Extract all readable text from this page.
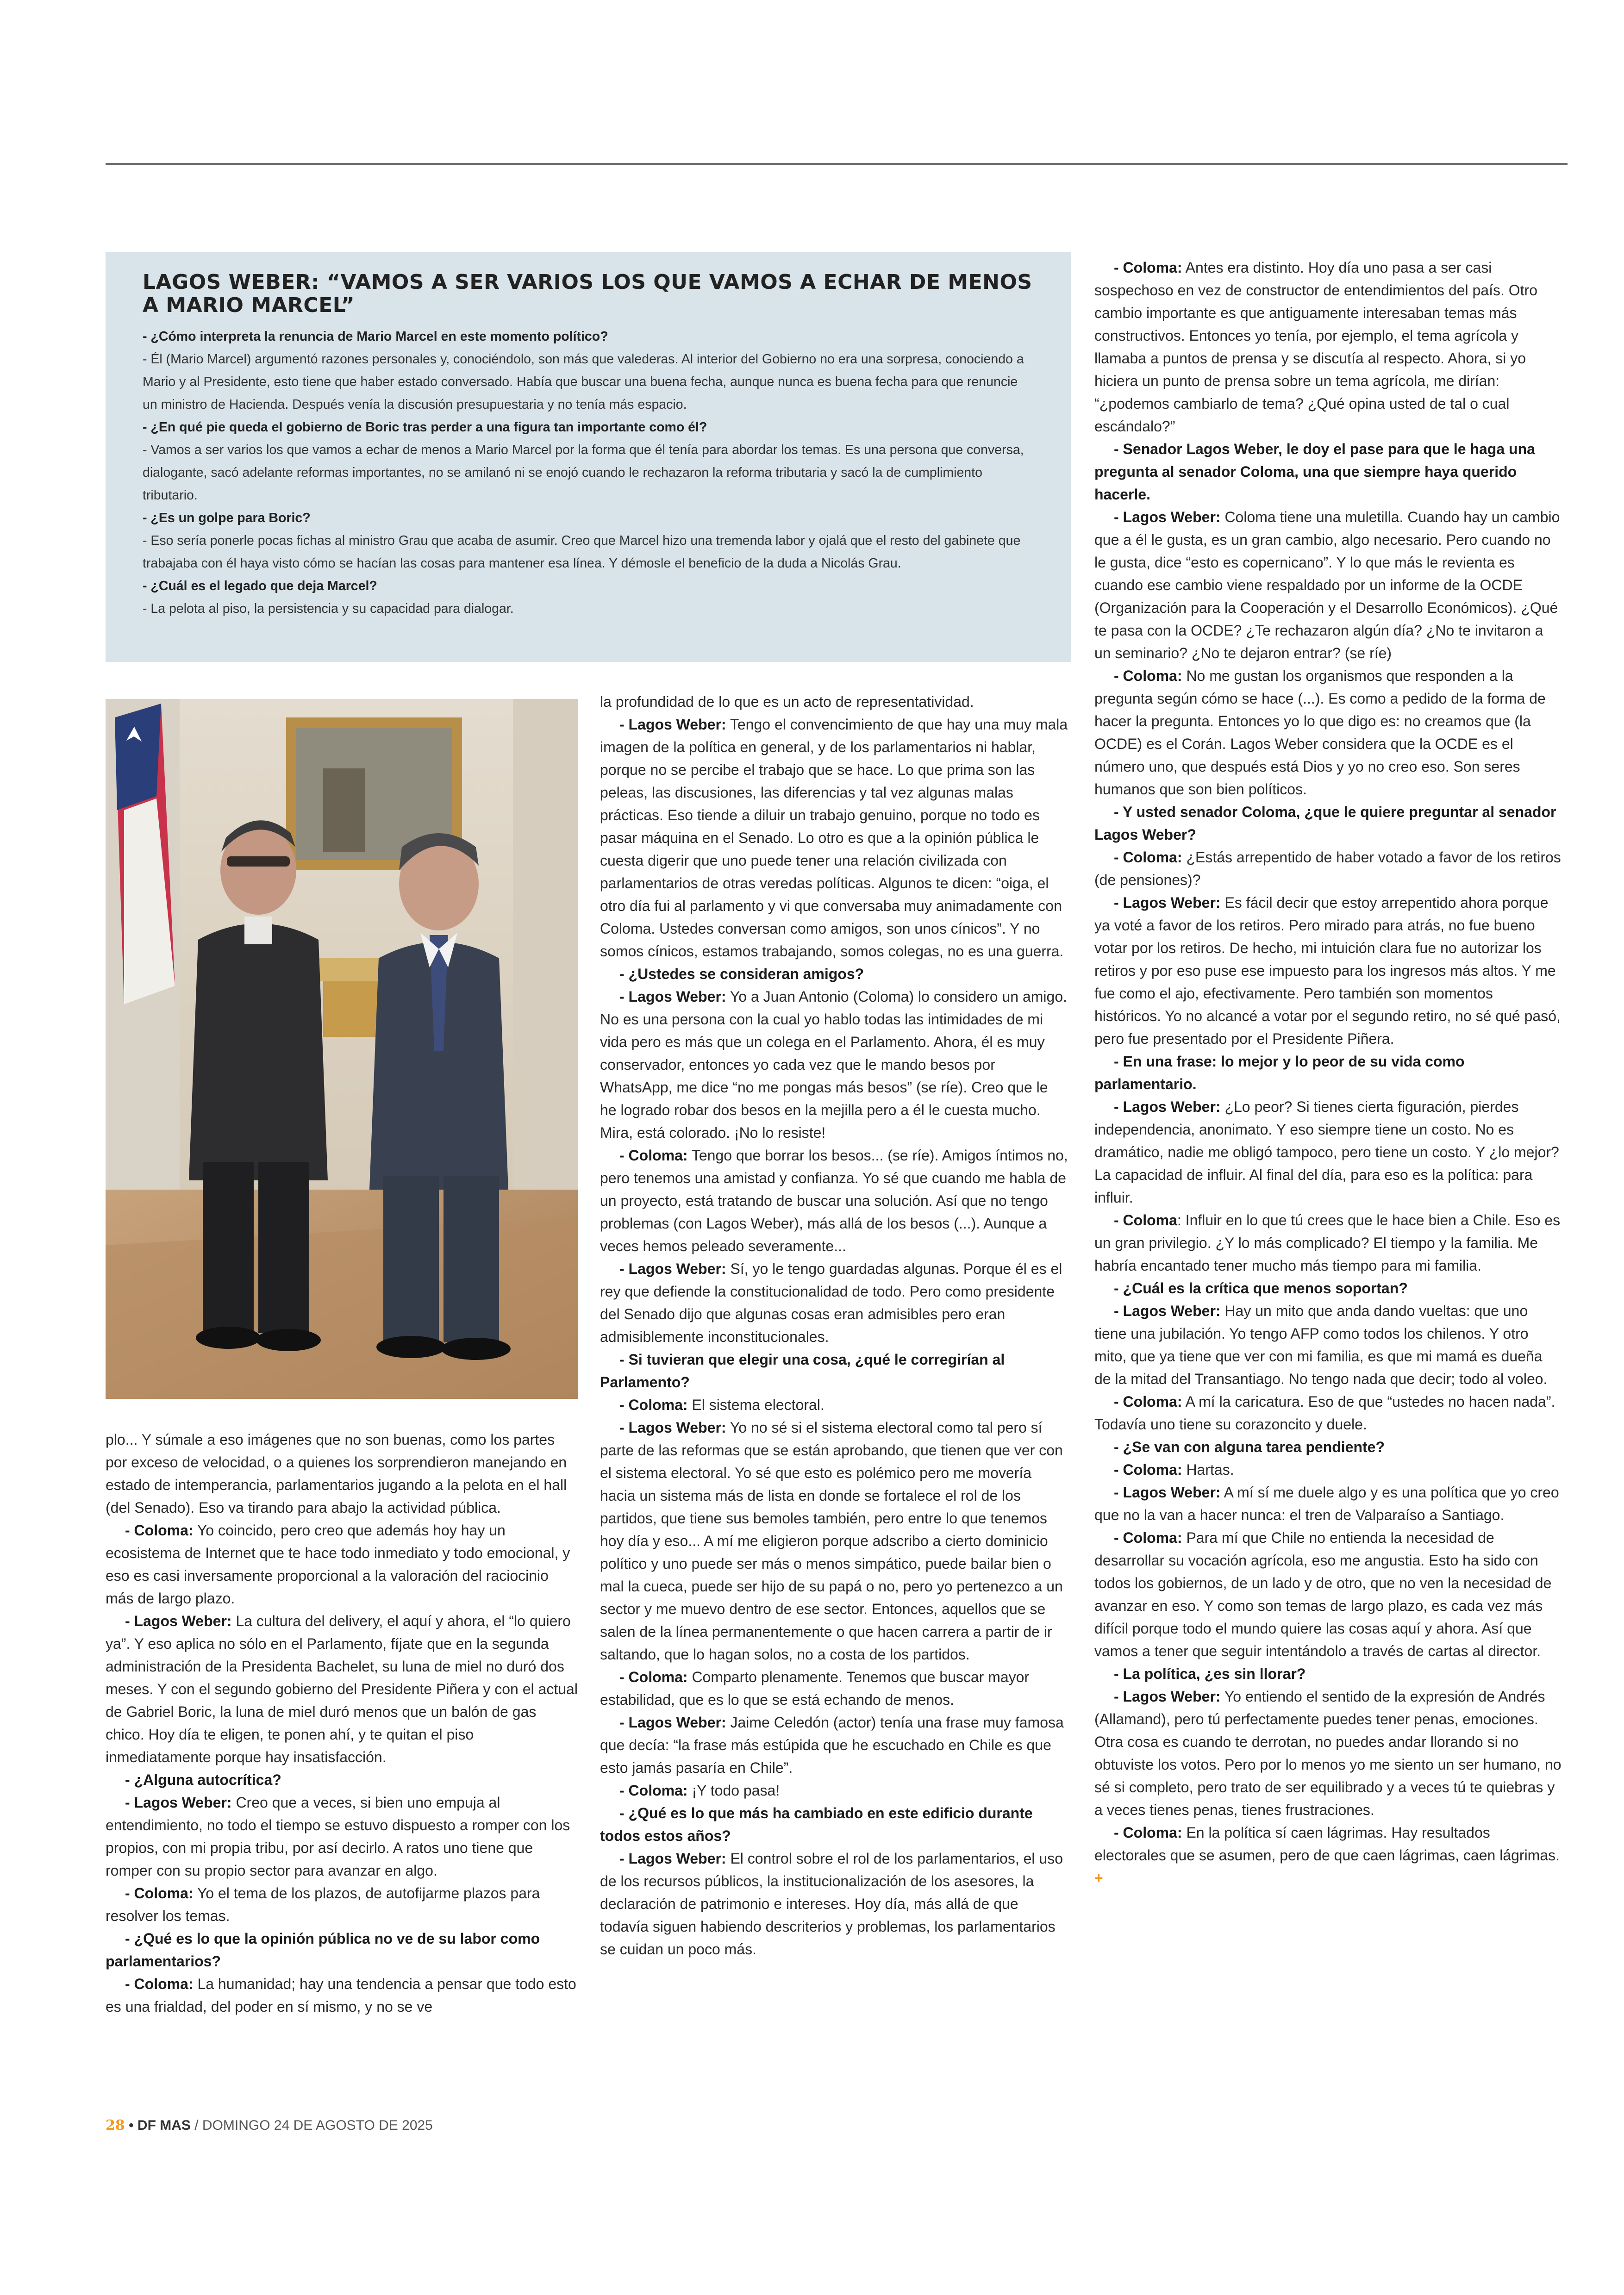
LAGOS WEBER: “VAMOS A SER VARIOS LOS QUE VAMOS A ECHAR DE MENOS A MARIO MARCEL”

- ¿Cómo interpreta la renuncia de Mario Marcel en este momento político?

- Él (Mario Marcel) argumentó razones personales y, conociéndolo, son más que valederas. Al interior del Gobierno no era una sorpresa, conociendo a Mario y al Presidente, esto tiene que haber estado conversado. Había que buscar una buena fecha, aunque nunca es buena fecha para que renuncie un ministro de Hacienda. Después venía la discusión presupuestaria y no tenía más espacio.

- ¿En qué pie queda el gobierno de Boric tras perder a una figura tan importante como él?

- Vamos a ser varios los que vamos a echar de menos a Mario Marcel por la forma que él tenía para abordar los temas. Es una persona que conversa, dialogante, sacó adelante reformas importantes, no se amilanó ni se enojó cuando le rechazaron la reforma tributaria y sacó la de cumplimiento tributario.

- ¿Es un golpe para Boric?

- Eso sería ponerle pocas fichas al ministro Grau que acaba de asumir. Creo que Marcel hizo una tremenda labor y ojalá que el resto del gabinete que trabajaba con él haya visto cómo se hacían las cosas para mantener esa línea. Y démosle el beneficio de la duda a Nicolás Grau.

- ¿Cuál es el legado que deja Marcel?

- La pelota al piso, la persistencia y su capacidad para dialogar.

plo... Y súmale a eso imágenes que no son buenas, como los partes por exceso de velocidad, o a quienes los sorprendieron manejando en estado de intemperancia, parlamentarios jugando a la pelota en el hall (del Senado). Eso va tirando para abajo la actividad pública.

- Coloma: Yo coincido, pero creo que además hoy hay un ecosistema de Internet que te hace todo inmediato y todo emocional, y eso es casi inversamente proporcional a la valoración del raciocinio más de largo plazo.

- Lagos Weber: La cultura del delivery, el aquí y ahora, el “lo quiero ya”. Y eso aplica no sólo en el Parlamento, fíjate que en la segunda administración de la Presidenta Bachelet, su luna de miel no duró dos meses. Y con el segundo gobierno del Presidente Piñera y con el actual de Gabriel Boric, la luna de miel duró menos que un balón de gas chico. Hoy día te eligen, te ponen ahí, y te quitan el piso inmediatamente porque hay insatisfacción.

- ¿Alguna autocrítica?

- Lagos Weber: Creo que a veces, si bien uno empuja al entendimiento, no todo el tiempo se estuvo dispuesto a romper con los propios, con mi propia tribu, por así decirlo. A ratos uno tiene que romper con su propio sector para avanzar en algo.

- Coloma: Yo el tema de los plazos, de autofijarme plazos para resolver los temas.

- ¿Qué es lo que la opinión pública no ve de su labor como parlamentarios?

- Coloma: La humanidad; hay una tendencia a pensar que todo esto es una frialdad, del poder en sí mismo, y no se ve

la profundidad de lo que es un acto de representatividad.

- Lagos Weber: Tengo el convencimiento de que hay una muy mala imagen de la política en general, y de los parlamentarios ni hablar, porque no se percibe el trabajo que se hace. Lo que prima son las peleas, las discusiones, las diferencias y tal vez algunas malas prácticas. Eso tiende a diluir un trabajo genuino, porque no todo es pasar máquina en el Senado. Lo otro es que a la opinión pública le cuesta digerir que uno puede tener una relación civilizada con parlamentarios de otras veredas políticas. Algunos te dicen: “oiga, el otro día fui al parlamento y vi que conversaba muy animadamente con Coloma. Ustedes conversan como amigos, son unos cínicos”. Y no somos cínicos, estamos trabajando, somos colegas, no es una guerra.

- ¿Ustedes se consideran amigos?

- Lagos Weber: Yo a Juan Antonio (Coloma) lo considero un amigo. No es una persona con la cual yo hablo todas las intimidades de mi vida pero es más que un colega en el Parlamento. Ahora, él es muy conservador, entonces yo cada vez que le mando besos por WhatsApp, me dice “no me pongas más besos” (se ríe). Creo que le he logrado robar dos besos en la mejilla pero a él le cuesta mucho. Mira, está colorado. ¡No lo resiste!

- Coloma: Tengo que borrar los besos... (se ríe). Amigos íntimos no, pero tenemos una amistad y confianza. Yo sé que cuando me habla de un proyecto, está tratando de buscar una solución. Así que no tengo problemas (con Lagos Weber), más allá de los besos (...). Aunque a veces hemos peleado severamente...

- Lagos Weber: Sí, yo le tengo guardadas algunas. Porque él es el rey que defiende la constitucionalidad de todo. Pero como presidente del Senado dijo que algunas cosas eran admisibles pero eran admisiblemente inconstitucionales.

- Si tuvieran que elegir una cosa, ¿qué le corregirían al Parlamento?

- Coloma: El sistema electoral.

- Lagos Weber: Yo no sé si el sistema electoral como tal pero sí parte de las reformas que se están aprobando, que tienen que ver con el sistema electoral. Yo sé que esto es polémico pero me movería hacia un sistema más de lista en donde se fortalece el rol de los partidos, que tiene sus bemoles también, pero entre lo que tenemos hoy día y eso... A mí me eligieron porque adscribo a cierto dominicio político y uno puede ser más o menos simpático, puede bailar bien o mal la cueca, puede ser hijo de su papá o no, pero yo pertenezco a un sector y me muevo dentro de ese sector. Entonces, aquellos que se salen de la línea permanentemente o que hacen carrera a partir de ir saltando, que lo hagan solos, no a costa de los partidos.

- Coloma: Comparto plenamente. Tenemos que buscar mayor estabilidad, que es lo que se está echando de menos.

- Lagos Weber: Jaime Celedón (actor) tenía una frase muy famosa que decía: “la frase más estúpida que he escuchado en Chile es que esto jamás pasaría en Chile”.

- Coloma: ¡Y todo pasa!

- ¿Qué es lo que más ha cambiado en este edificio durante todos estos años?

- Lagos Weber: El control sobre el rol de los parlamentarios, el uso de los recursos públicos, la institucionalización de los asesores, la declaración de patrimonio e intereses. Hoy día, más allá de que todavía siguen habiendo descriterios y problemas, los parlamentarios se cuidan un poco más.

- Coloma: Antes era distinto. Hoy día uno pasa a ser casi sospechoso en vez de constructor de entendimientos del país. Otro cambio importante es que antiguamente interesaban temas más constructivos. Entonces yo tenía, por ejemplo, el tema agrícola y llamaba a puntos de prensa y se discutía al respecto. Ahora, si yo hiciera un punto de prensa sobre un tema agrícola, me dirían: “¿podemos cambiarlo de tema? ¿Qué opina usted de tal o cual escándalo?”

- Senador Lagos Weber, le doy el pase para que le haga una pregunta al senador Coloma, una que siempre haya querido hacerle.

- Lagos Weber: Coloma tiene una muletilla. Cuando hay un cambio que a él le gusta, es un gran cambio, algo necesario. Pero cuando no le gusta, dice “esto es copernicano”. Y lo que más le revienta es cuando ese cambio viene respaldado por un informe de la OCDE (Organización para la Cooperación y el Desarrollo Económicos). ¿Qué te pasa con la OCDE? ¿Te rechazaron algún día? ¿No te invitaron a un seminario? ¿No te dejaron entrar? (se ríe)

- Coloma: No me gustan los organismos que responden a la pregunta según cómo se hace (...). Es como a pedido de la forma de hacer la pregunta. Entonces yo lo que digo es: no creamos que (la OCDE) es el Corán. Lagos Weber considera que la OCDE es el número uno, que después está Dios y yo no creo eso. Son seres humanos que son bien políticos.

- Y usted senador Coloma, ¿que le quiere preguntar al senador Lagos Weber?

- Coloma: ¿Estás arrepentido de haber votado a favor de los retiros (de pensiones)?

- Lagos Weber: Es fácil decir que estoy arrepentido ahora porque ya voté a favor de los retiros. Pero mirado para atrás, no fue bueno votar por los retiros. De hecho, mi intuición clara fue no autorizar los retiros y por eso puse ese impuesto para los ingresos más altos. Y me fue como el ajo, efectivamente. Pero también son momentos históricos. Yo no alcancé a votar por el segundo retiro, no sé qué pasó, pero fue presentado por el Presidente Piñera.

- En una frase: lo mejor y lo peor de su vida como parlamentario.

- Lagos Weber: ¿Lo peor? Si tienes cierta figuración, pierdes independencia, anonimato. Y eso siempre tiene un costo. No es dramático, nadie me obligó tampoco, pero tiene un costo. Y ¿lo mejor? La capacidad de influir. Al final del día, para eso es la política: para influir.

- Coloma: Influir en lo que tú crees que le hace bien a Chile. Eso es un gran privilegio. ¿Y lo más complicado? El tiempo y la familia. Me habría encantado tener mucho más tiempo para mi familia.

- ¿Cuál es la crítica que menos soportan?

- Lagos Weber: Hay un mito que anda dando vueltas: que uno tiene una jubilación. Yo tengo AFP como todos los chilenos. Y otro mito, que ya tiene que ver con mi familia, es que mi mamá es dueña de la mitad del Transantiago. No tengo nada que decir; todo al voleo.

- Coloma: A mí la caricatura. Eso de que “ustedes no hacen nada”. Todavía uno tiene su corazoncito y duele.

- ¿Se van con alguna tarea pendiente?

- Coloma: Hartas.

- Lagos Weber: A mí sí me duele algo y es una política que yo creo que no la van a hacer nunca: el tren de Valparaíso a Santiago.

- Coloma: Para mí que Chile no entienda la necesidad de desarrollar su vocación agrícola, eso me angustia. Esto ha sido con todos los gobiernos, de un lado y de otro, que no ven la necesidad de avanzar en eso. Y como son temas de largo plazo, es cada vez más difícil porque todo el mundo quiere las cosas aquí y ahora. Así que vamos a tener que seguir intentándolo a través de cartas al director.

- La política, ¿es sin llorar?

- Lagos Weber: Yo entiendo el sentido de la expresión de Andrés (Allamand), pero tú perfectamente puedes tener penas, emociones. Otra cosa es cuando te derrotan, no puedes andar llorando si no obtuviste los votos. Pero por lo menos yo me siento un ser humano, no sé si completo, pero trato de ser equilibrado y a veces tú te quiebras y a veces tienes penas, tienes frustraciones.

- Coloma: En la política sí caen lágrimas. Hay resultados electorales que se asumen, pero de que caen lágrimas, caen lágrimas. +

28 • DF MAS / DOMINGO 24 DE AGOSTO DE 2025
